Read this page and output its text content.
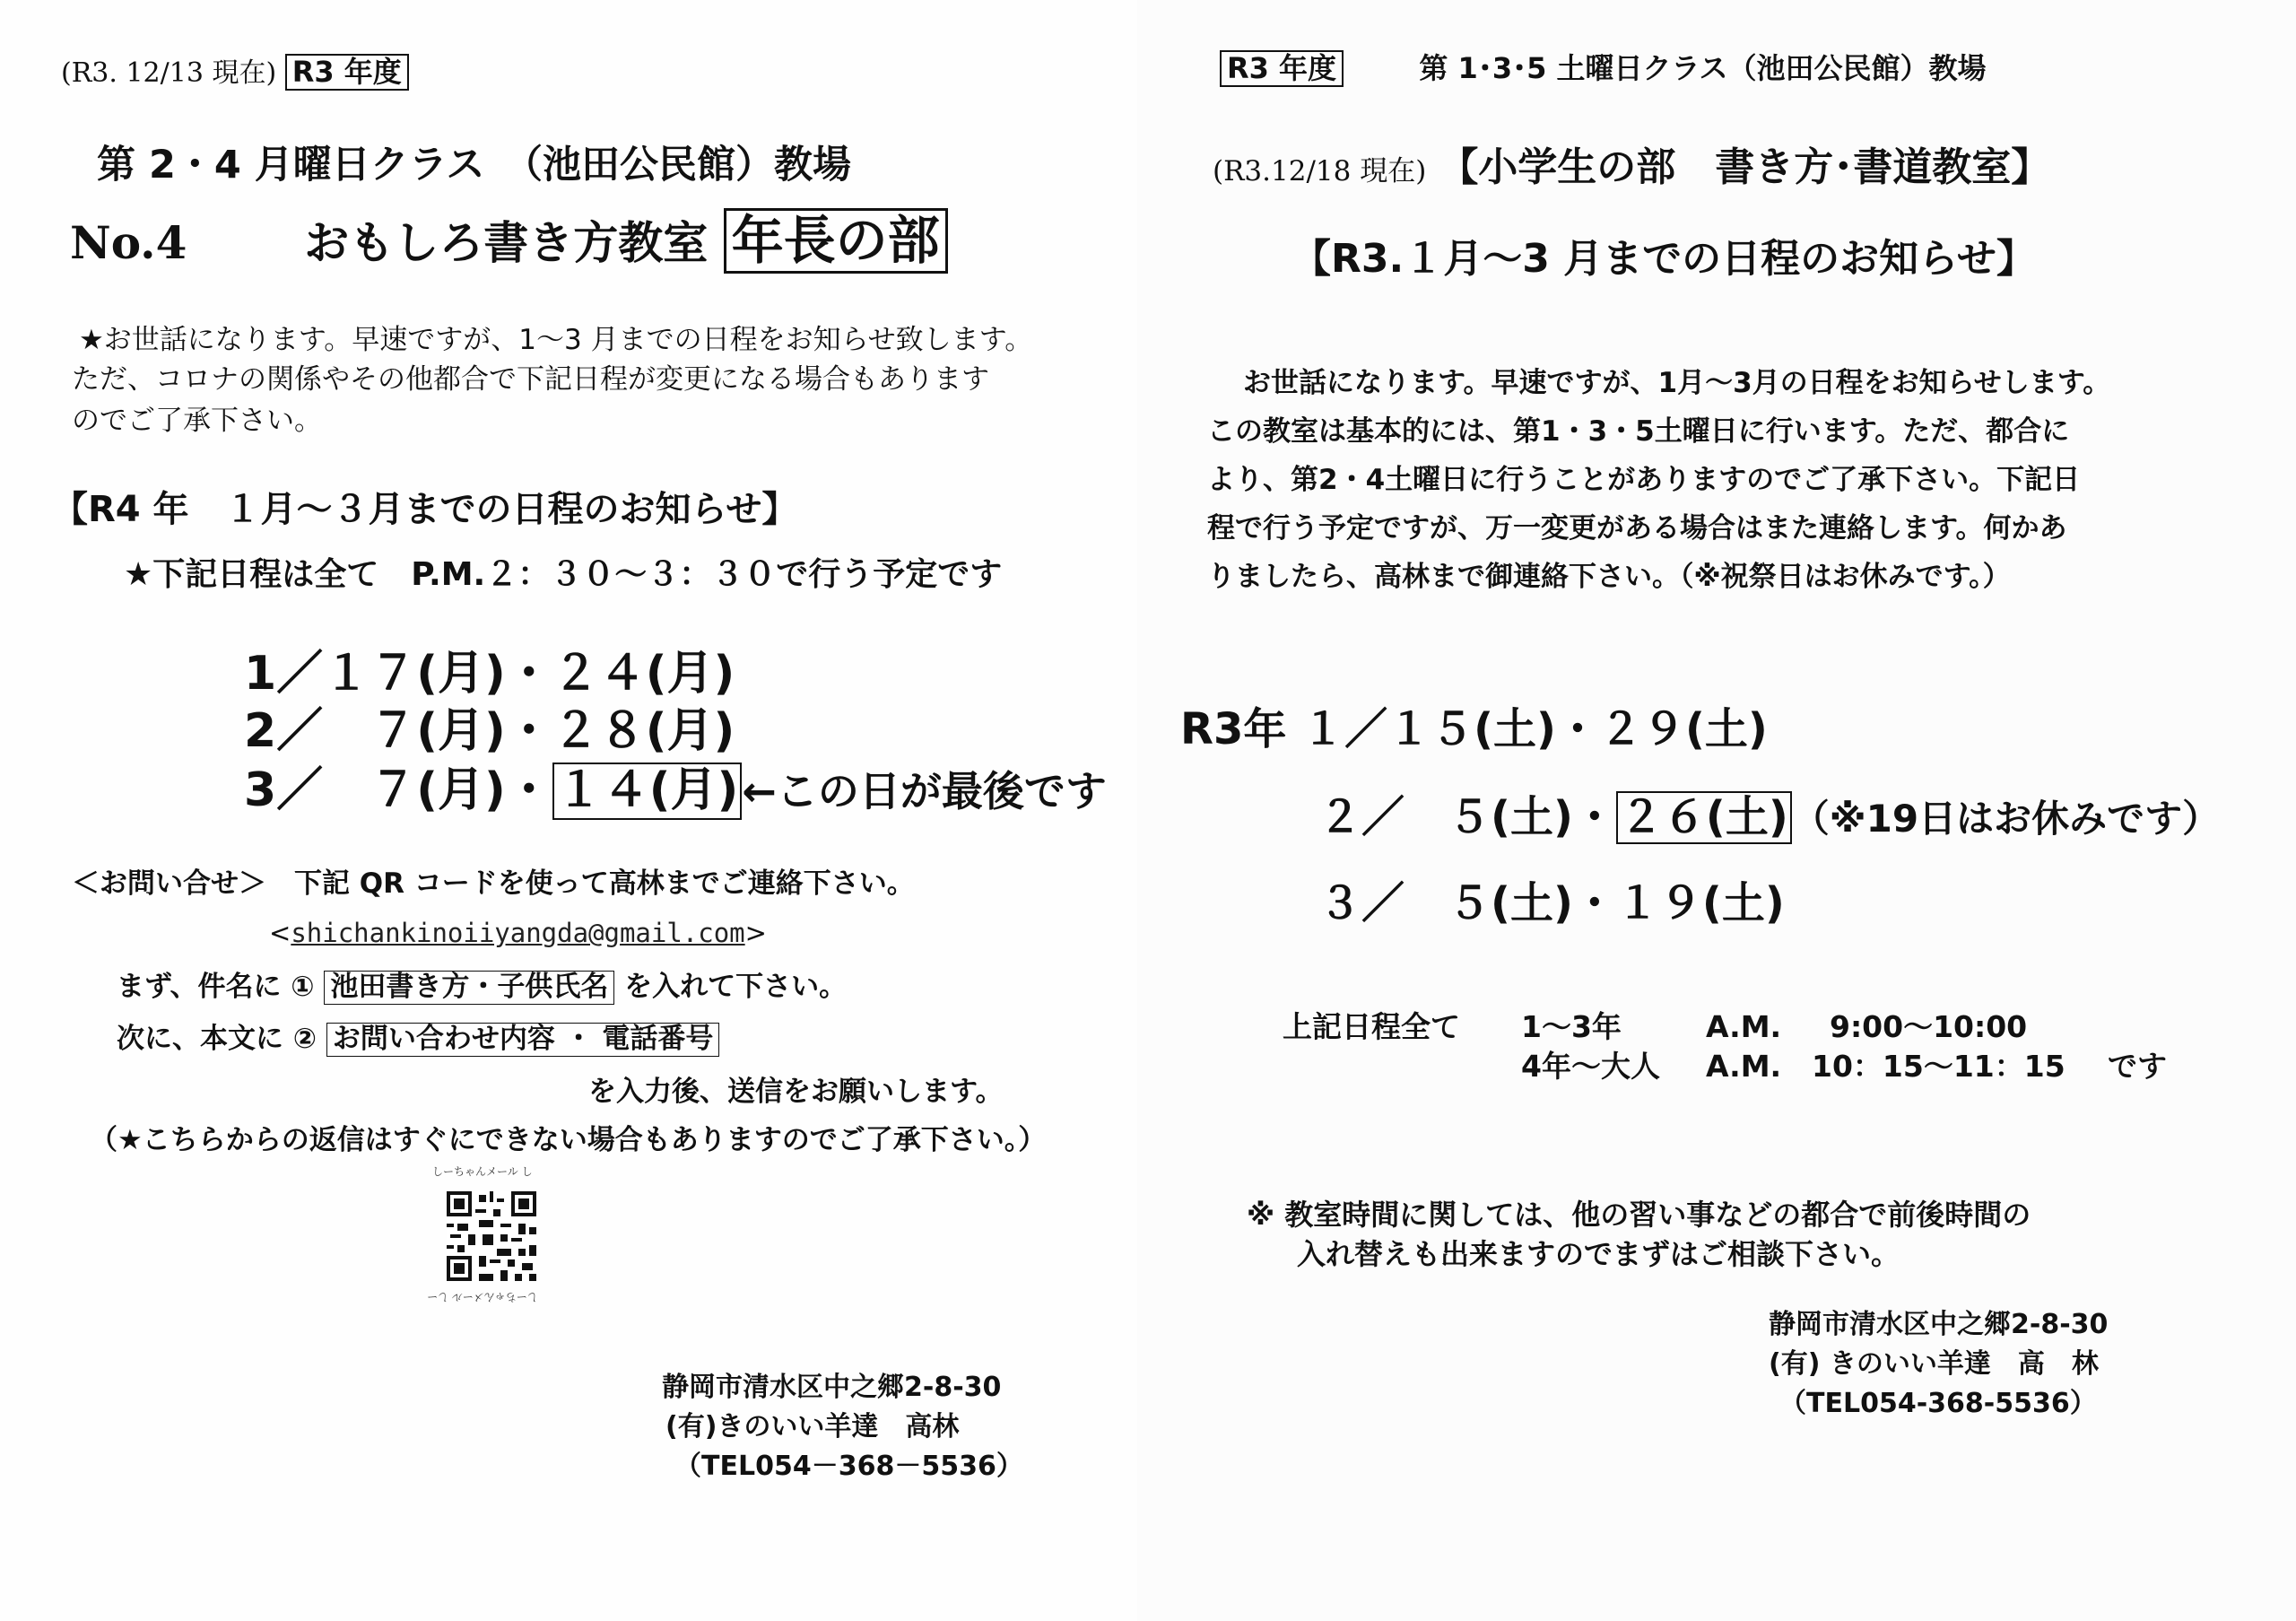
(R3. 12/13 現在) R3 年度
第 2・4 月曜日クラス　（池田公民館）教場
No.4	おもしろ書き方教室 年長の部
★お世話になります。早速ですが、1～3 月までの日程をお知らせ致します。
ただ、コロナの関係やその他都合で下記日程が変更になる場合もあります
のでご了承下さい。
【R4 年　１月～３月までの日程のお知らせ】
★下記日程は全て　P.M.２：３０～３：３０で行う予定です
1／１７(月)・２４(月)
2／　７(月)・２８(月)
3／　７(月)・１４(月)←この日が最後です
＜お問い合せ＞　下記 QR コードを使って高林までご連絡下さい。
<shichankinoiiyangda@gmail.com>
まず、件名に ① 池田書き方・子供氏名 を入れて下さい。
次に、本文に ② お問い合わせ内容 ・ 電話番号
を入力後、送信をお願いします。
（★こちらからの返信はすぐにできない場合もありますのでご了承下さい。）
しーちゃんメール し
しーちゃんメール しー
静岡市清水区中之郷2-8-30
(有)きのいい羊達　高林
（TEL054－368－5536）
R3 年度	第 1･3･5 土曜日クラス（池田公民館）教場
(R3.12/18 現在) 【小学生の部　書き方･書道教室】
【R3.１月～3 月までの日程のお知らせ】
お世話になります。早速ですが、1月～3月の日程をお知らせします。
この教室は基本的には、第1・3・5土曜日に行います。ただ、都合に
より、第2・4土曜日に行うことがありますのでご了承下さい。下記日
程で行う予定ですが、万一変更がある場合はまた連絡します。何かあ
りましたら、高林まで御連絡下さい。（※祝祭日はお休みです。）
R3年 １／１５(土)・２９(土)
２／　５(土)・２６(土)（※19日はお休みです）
３／　５(土)・１９(土)
上記日程全て 1～3年	A.M. 9:00～10:00
4年～大人 A.M. 10：15～11：15 です
※ 教室時間に関しては、他の習い事などの都合で前後時間の
入れ替えも出来ますのでまずはご相談下さい。
静岡市清水区中之郷2-8-30
(有) きのいい羊達　高　林
（TEL054-368-5536）
